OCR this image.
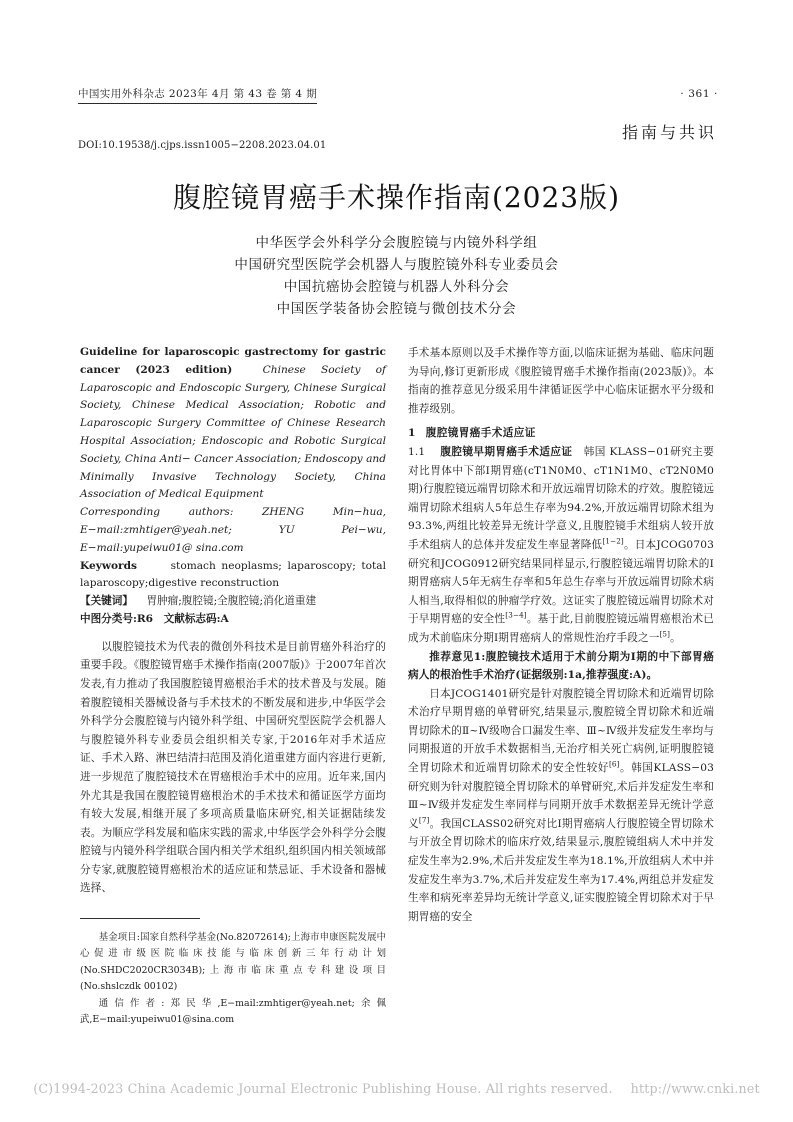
中国实用外科杂志 2023年 4月 第 43 卷 第 4 期	· 361 ·
指南与共识
DOI:10.19538/j.cjps.issn1005−2208.2023.04.01
腹腔镜胃癌手术操作指南(2023版)
中华医学会外科学分会腹腔镜与内镜外科学组
中国研究型医院学会机器人与腹腔镜外科专业委员会
中国抗癌协会腔镜与机器人外科分会
中国医学装备协会腔镜与微创技术分会

Guideline for laparoscopic gastrectomy for gastric cancer (2023 edition)	Chinese Society of Laparoscopic and Endoscopic Surgery, Chinese Surgical Society, Chinese Medical Association; Robotic and Laparoscopic Surgery Committee of Chinese Research Hospital Association; Endoscopic and Robotic Surgical Society, China Anti− Cancer Association; Endoscopy and Minimally Invasive Technology Society, China Association of Medical Equipment

Corresponding authors: ZHENG Min−hua, E−mail:zmhtiger@yeah.net; YU Pei−wu, E−mail:yupeiwu01@ sina.com

Keywords	stomach neoplasms; laparoscopy; total laparoscopy;digestive reconstruction

【关键词】 胃肿瘤;腹腔镜;全腹腔镜;消化道重建

中图分类号:R6　文献标志码:A

以腹腔镜技术为代表的微创外科技术是目前胃癌外科治疗的重要手段。《腹腔镜胃癌手术操作指南(2007版)》于2007年首次发表,有力推动了我国腹腔镜胃癌根治手术的技术普及与发展。随着腹腔镜相关器械设备与手术技术的不断发展和进步,中华医学会外科学分会腹腔镜与内镜外科学组、中国研究型医院学会机器人与腹腔镜外科专业委员会组织相关专家,于2016年对手术适应证、手术入路、淋巴结清扫范围及消化道重建方面内容进行更新,进一步规范了腹腔镜技术在胃癌根治手术中的应用。近年来,国内外尤其是我国在腹腔镜胃癌根治术的手术技术和循证医学方面均有较大发展,相继开展了多项高质量临床研究,相关证据陆续发表。为顺应学科发展和临床实践的需求,中华医学会外科学分会腹腔镜与内镜外科学组联合国内相关学术组织,组织国内相关领域部分专家,就腹腔镜胃癌根治术的适应证和禁忌证、手术设备和器械选择、

基金项目:国家自然科学基金(No.82072614);上海市申康医院发展中心促进市级医院临床技能与临床创新三年行动计划(No.SHDC2020CR3034B);上海市临床重点专科建设项目(No.shslczdk 00102)

通信作者:郑民华,E−mail:zmhtiger@yeah.net;余佩武,E−mail:yupeiwu01@sina.com

手术基本原则以及手术操作等方面,以临床证据为基础、临床问题为导向,修订更新形成《腹腔镜胃癌手术操作指南(2023版)》。本指南的推荐意见分级采用牛津循证医学中心临床证据水平分级和推荐级别。

1 腹腔镜胃癌手术适应证

1.1 腹腔镜早期胃癌手术适应证 韩国 KLASS−01研究主要对比胃体中下部Ⅰ期胃癌(cT1N0M0、cT1N1M0、cT2N0M0期)行腹腔镜远端胃切除术和开放远端胃切除术的疗效。腹腔镜远端胃切除术组病人5年总生存率为94.2%,开放远端胃切除术组为93.3%,两组比较差异无统计学意义,且腹腔镜手术组病人较开放手术组病人的总体并发症发生率显著降低[1−2]。日本JCOG0703研究和JCOG0912研究结果同样显示,行腹腔镜远端胃切除术的Ⅰ期胃癌病人5年无病生存率和5年总生存率与开放远端胃切除术病人相当,取得相似的肿瘤学疗效。这证实了腹腔镜远端胃切除术对于早期胃癌的安全性[3−4]。基于此,目前腹腔镜远端胃癌根治术已成为术前临床分期Ⅰ期胃癌病人的常规性治疗手段之一[5]。

推荐意见1:腹腔镜技术适用于术前分期为Ⅰ期的中下部胃癌病人的根治性手术治疗(证据级别:1a,推荐强度:A)。

日本JCOG1401研究是针对腹腔镜全胃切除术和近端胃切除术治疗早期胃癌的单臂研究,结果显示,腹腔镜全胃切除术和近端胃切除术的Ⅱ~Ⅳ级吻合口漏发生率、Ⅲ~Ⅳ级并发症发生率均与同期报道的开放手术数据相当,无治疗相关死亡病例,证明腹腔镜全胃切除术和近端胃切除术的安全性较好[6]。韩国KLASS−03研究则为针对腹腔镜全胃切除术的单臂研究,术后并发症发生率和Ⅲ~Ⅳ级并发症发生率同样与同期开放手术数据差异无统计学意义[7]。我国CLASS02研究对比Ⅰ期胃癌病人行腹腔镜全胃切除术与开放全胃切除术的临床疗效,结果显示,腹腔镜组病人术中并发症发生率为2.9%,术后并发症发生率为18.1%,开放组病人术中并发症发生率为3.7%,术后并发症发生率为17.4%,两组总并发症发生率和病死率差异均无统计学意义,证实腹腔镜全胃切除术对于早期胃癌的安全

(C)1994-2023 China Academic Journal Electronic Publishing House. All rights reserved. http://www.cnki.net
